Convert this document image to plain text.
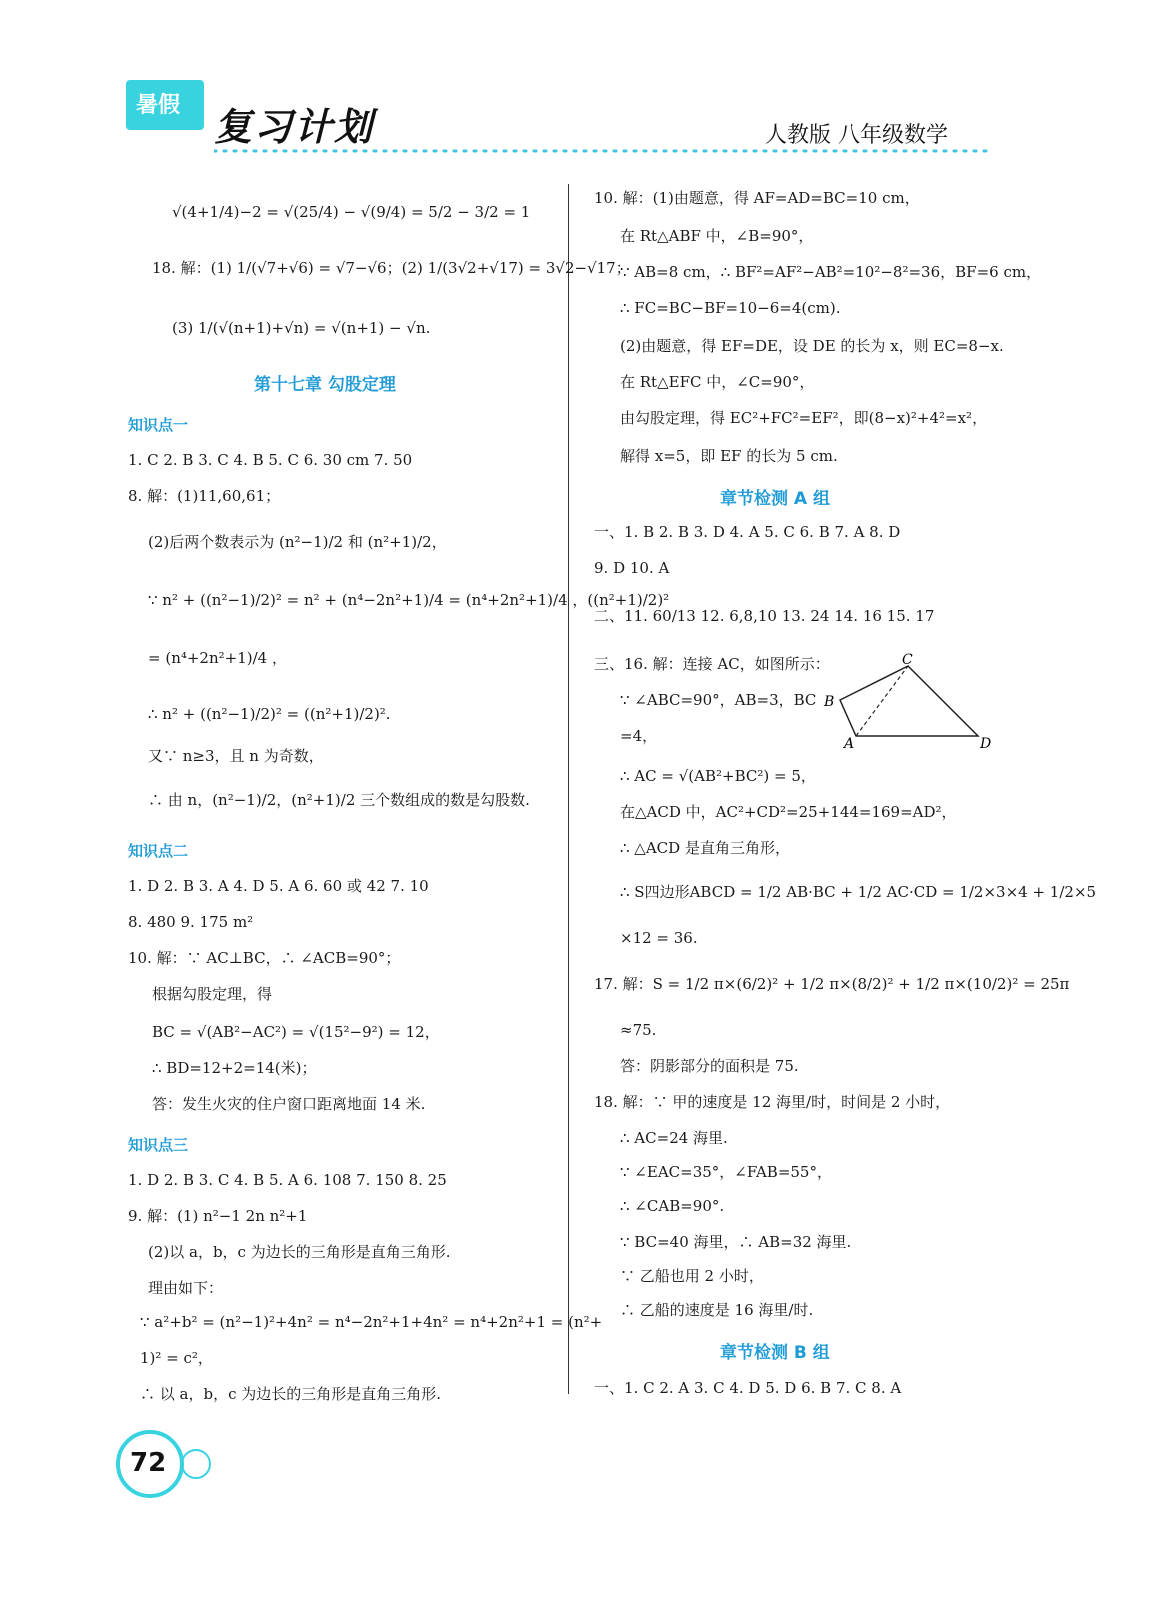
暑假 复习计划	人教版 八年级数学
√(4+1/4)−2 = √(25/4) − √(9/4) = 5/2 − 3/2 = 1
18. 解：(1) 1/(√7+√6) = √7−√6；(2) 1/(3√2+√17) = 3√2−√17；
(3) 1/(√(n+1)+√n) = √(n+1) − √n.
第十七章 勾股定理
知识点一
1. C 2. B 3. C 4. B 5. C 6. 30 cm 7. 50
8. 解：(1)11,60,61；
(2)后两个数表示为 (n²−1)/2 和 (n²+1)/2，
∵ n² + ((n²−1)/2)² = n² + (n⁴−2n²+1)/4 = (n⁴+2n²+1)/4 ，((n²+1)/2)²
= (n⁴+2n²+1)/4 ，
∴ n² + ((n²−1)/2)² = ((n²+1)/2)².
又∵ n≥3，且 n 为奇数，
∴ 由 n，(n²−1)/2，(n²+1)/2 三个数组成的数是勾股数.
知识点二
1. D 2. B 3. A 4. D 5. A 6. 60 或 42 7. 10
8. 480 9. 175 m²
10. 解：∵ AC⊥BC，∴ ∠ACB=90°；
根据勾股定理，得
BC = √(AB²−AC²) = √(15²−9²) = 12，
∴ BD=12+2=14(米)；
答：发生火灾的住户窗口距离地面 14 米.
知识点三
1. D 2. B 3. C 4. B 5. A 6. 108 7. 150 8. 25
9. 解：(1) n²−1 2n n²+1
(2)以 a，b，c 为边长的三角形是直角三角形.
理由如下：
∵ a²+b² = (n²−1)²+4n² = n⁴−2n²+1+4n² = n⁴+2n²+1 = (n²+
1)² = c²，
∴ 以 a，b，c 为边长的三角形是直角三角形.
10. 解：(1)由题意，得 AF=AD=BC=10 cm，
在 Rt△ABF 中，∠B=90°，
∵ AB=8 cm，∴ BF²=AF²−AB²=10²−8²=36，BF=6 cm，
∴ FC=BC−BF=10−6=4(cm).
(2)由题意，得 EF=DE，设 DE 的长为 x，则 EC=8−x.
在 Rt△EFC 中，∠C=90°，
由勾股定理，得 EC²+FC²=EF²，即(8−x)²+4²=x²，
解得 x=5，即 EF 的长为 5 cm.
章节检测 A 组
一、1. B 2. B 3. D 4. A 5. C 6. B 7. A 8. D
9. D 10. A
二、11. 60/13 12. 6,8,10 13. 24 14. 16 15. 17
三、16. 解：连接 AC，如图所示：
∵ ∠ABC=90°，AB=3，BC
=4，
∴ AC = √(AB²+BC²) = 5，
在△ACD 中，AC²+CD²=25+144=169=AD²，
∴ △ACD 是直角三角形，
∴ S四边形ABCD = 1/2 AB·BC + 1/2 AC·CD = 1/2×3×4 + 1/2×5
×12 = 36.
17. 解：S = 1/2 π×(6/2)² + 1/2 π×(8/2)² + 1/2 π×(10/2)² = 25π
≈75.
答：阴影部分的面积是 75.
18. 解：∵ 甲的速度是 12 海里/时，时间是 2 小时，
∴ AC=24 海里.
∵ ∠EAC=35°，∠FAB=55°，
∴ ∠CAB=90°.
∵ BC=40 海里，∴ AB=32 海里.
∵ 乙船也用 2 小时，
∴ 乙船的速度是 16 海里/时.
章节检测 B 组
一、1. C 2. A 3. C 4. D 5. D 6. B 7. C 8. A
B
C
A	D
72
